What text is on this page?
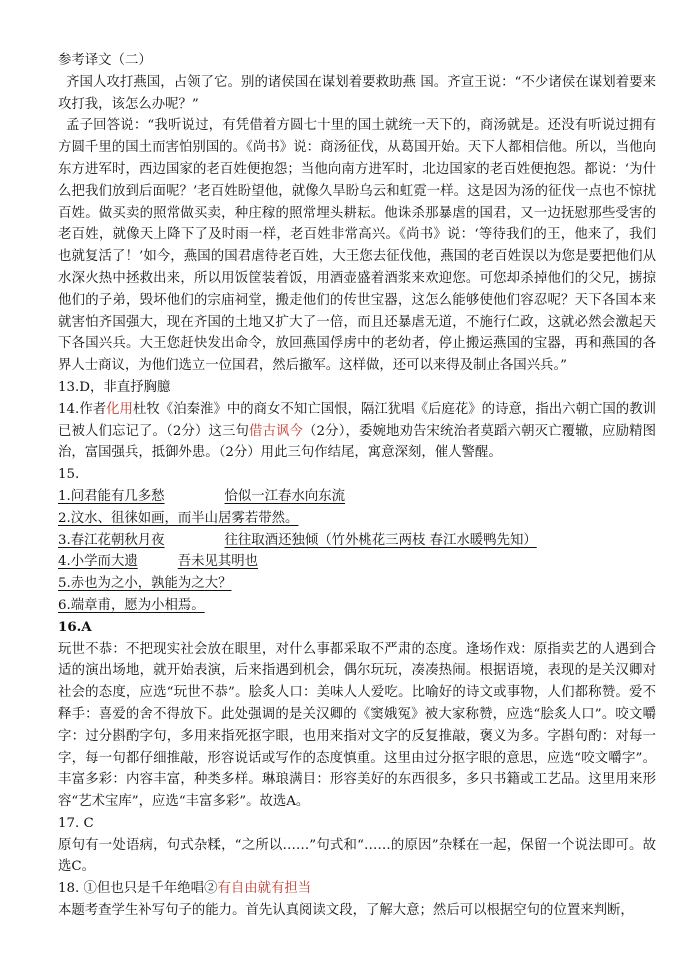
参考译文（二）

齐国人攻打燕国，占领了它。别的诸侯国在谋划着要救助燕 国。齐宣王说：“不少诸侯在谋划着要来攻打我，该怎么办呢？”

孟子回答说：“我听说过，有凭借着方圆七十里的国土就统一天下的，商汤就是。还没有听说过拥有方圆千里的国土而害怕别国的。《尚书》说：商汤征伐，从葛国开始。天下人都相信他。所以，当他向东方进军时，西边国家的老百姓便抱怨；当他向南方进军时，北边国家的老百姓便抱怨。都说：‘为什么把我们放到后面呢？’老百姓盼望他，就像久旱盼乌云和虹霓一样。这是因为汤的征伐一点也不惊扰百姓。做买卖的照常做买卖，种庄稼的照常埋头耕耘。他诛杀那暴虐的国君，又一边抚慰那些受害的老百姓，就像天上降下了及时雨一样，老百姓非常高兴。《尚书》说：‘等待我们的王，他来了，我们也就复活了！’如今，燕国的国君虐待老百姓，大王您去征伐他，燕国的老百姓误以为您是要把他们从水深火热中拯救出来，所以用饭筐装着饭，用酒壶盛着酒浆来欢迎您。可您却杀掉他们的父兄，掳掠他们的子弟，毁坏他们的宗庙祠堂，搬走他们的传世宝器，这怎么能够使他们容忍呢？天下各国本来就害怕齐国强大，现在齐国的土地又扩大了一倍，而且还暴虐无道，不施行仁政，这就必然会激起天下各国兴兵。大王您赶快发出命令，放回燕国俘虏中的老幼者，停止搬运燕国的宝器，再和燕国的各界人士商议，为他们选立一位国君，然后撤军。这样做，还可以来得及制止各国兴兵。”

13.D，非直抒胸臆

14.作者化用杜牧《泊秦淮》中的商女不知亡国恨，隔江犹唱《后庭花》的诗意，指出六朝亡国的教训已被人们忘记了。（2分）这三句借古讽今（2分），委婉地劝告宋统治者莫蹈六朝灭亡覆辙，应励精图治，富国强兵，抵御外患。（2分）用此三句作结尾，寓意深刻，催人警醒。

15.

1.问君能有几多愁	恰似一江春水向东流

2.汶水、徂徕如画，而半山居雾若带然。

3.春江花朝秋月夜	往往取酒还独倾（竹外桃花三两枝 春江水暖鸭先知）

4.小学而大遗	吾未见其明也

5.赤也为之小，孰能为之大？

6.端章甫，愿为小相焉。

16.A

玩世不恭：不把现实社会放在眼里，对什么事都采取不严肃的态度。逢场作戏：原指卖艺的人遇到合适的演出场地，就开始表演，后来指遇到机会，偶尔玩玩，凑凑热闹。根据语境，表现的是关汉卿对社会的态度，应选“玩世不恭”。脍炙人口：美味人人爱吃。比喻好的诗文或事物，人们都称赞。爱不释手：喜爱的舍不得放下。此处强调的是关汉卿的《窦娥冤》被大家称赞，应选“脍炙人口”。咬文嚼字：过分斟酌字句，多用来指死抠字眼，也用来指对文字的反复推敲，褒义为多。字斟句酌：对每一字，每一句都仔细推敲，形容说话或写作的态度慎重。这里由过分抠字眼的意思，应选“咬文嚼字”。丰富多彩：内容丰富，种类多样。琳琅满目：形容美好的东西很多，多只书籍或工艺品。这里用来形容“艺术宝库”，应选“丰富多彩”。故选A。

17. C

原句有一处语病，句式杂糅，“之所以……”句式和“……的原因”杂糅在一起，保留一个说法即可。故选C。

18. ①但也只是千年绝唱②有自由就有担当

本题考查学生补写句子的能力。首先认真阅读文段，了解大意；然后可以根据空句的位置来判断，
